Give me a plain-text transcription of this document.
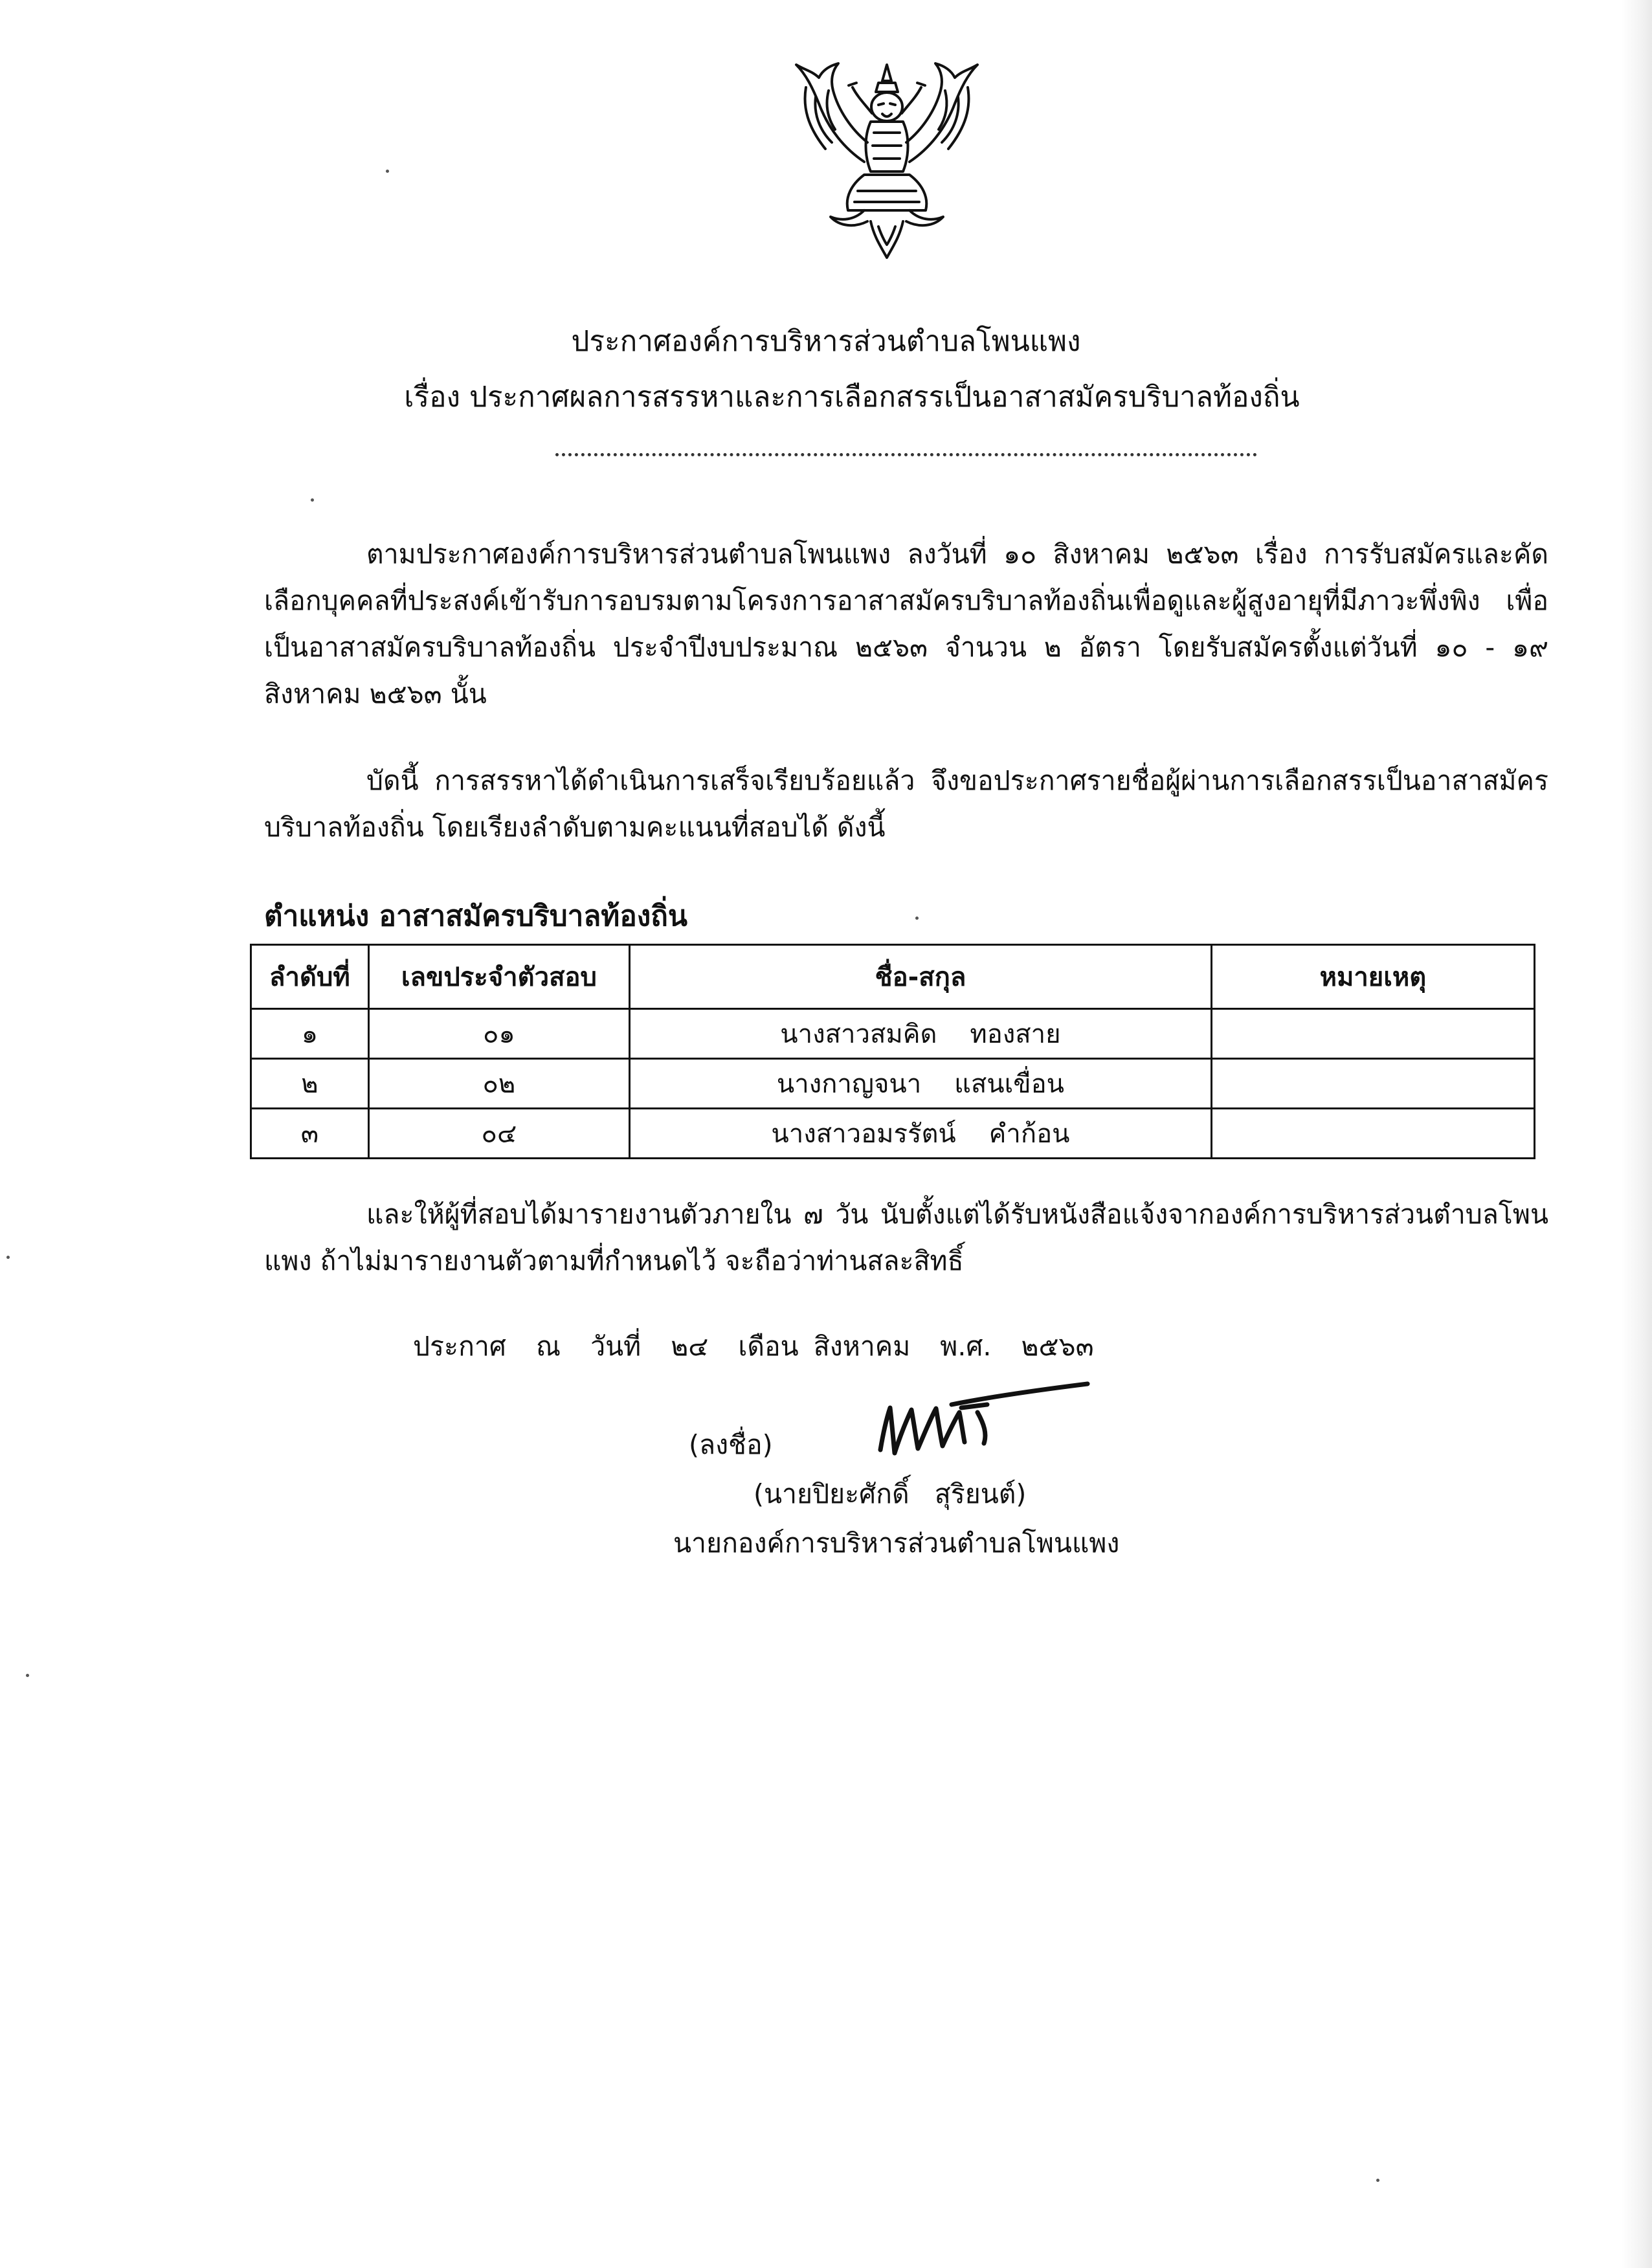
ประกาศองค์การบริหารส่วนตำบลโพนแพง
เรื่อง ประกาศผลการสรรหาและการเลือกสรรเป็นอาสาสมัครบริบาลท้องถิ่น

ตามประกาศองค์การบริหารส่วนตำบลโพนแพง ลงวันที่ ๑๐ สิงหาคม ๒๕๖๓ เรื่อง การรับสมัครและคัดเลือกบุคคลที่ประสงค์เข้ารับการอบรมตามโครงการอาสาสมัครบริบาลท้องถิ่นเพื่อดูและผู้สูงอายุที่มีภาวะพึ่งพิง เพื่อเป็นอาสาสมัครบริบาลท้องถิ่น ประจำปีงบประมาณ ๒๕๖๓ จำนวน ๒ อัตรา โดยรับสมัครตั้งแต่วันที่ ๑๐ - ๑๙ สิงหาคม ๒๕๖๓ นั้น

บัดนี้ การสรรหาได้ดำเนินการเสร็จเรียบร้อยแล้ว จึงขอประกาศรายชื่อผู้ผ่านการเลือกสรรเป็นอาสาสมัครบริบาลท้องถิ่น โดยเรียงลำดับตามคะแนนที่สอบได้ ดังนี้

ตำแหน่ง อาสาสมัครบริบาลท้องถิ่น
ลำดับที่	เลขประจำตัวสอบ	ชื่อ-สกุล	หมายเหตุ
๑	๐๑	นางสาวสมคิด    ทองสาย	
๒	๐๒	นางกาญจนา    แสนเขื่อน	
๓	๐๔	นางสาวอมรรัตน์    คำก้อน	

และให้ผู้ที่สอบได้มารายงานตัวภายใน ๗ วัน นับตั้งแต่ได้รับหนังสือแจ้งจากองค์การบริหารส่วนตำบลโพนแพง ถ้าไม่มารายงานตัวตามที่กำหนดไว้ จะถือว่าท่านสละสิทธิ์

ประกาศ  ณ  วันที่  ๒๔  เดือน สิงหาคม  พ.ศ.  ๒๕๖๓
(ลงชื่อ)
(นายปิยะศักดิ์   สุริยนต์)
นายกองค์การบริหารส่วนตำบลโพนแพง
